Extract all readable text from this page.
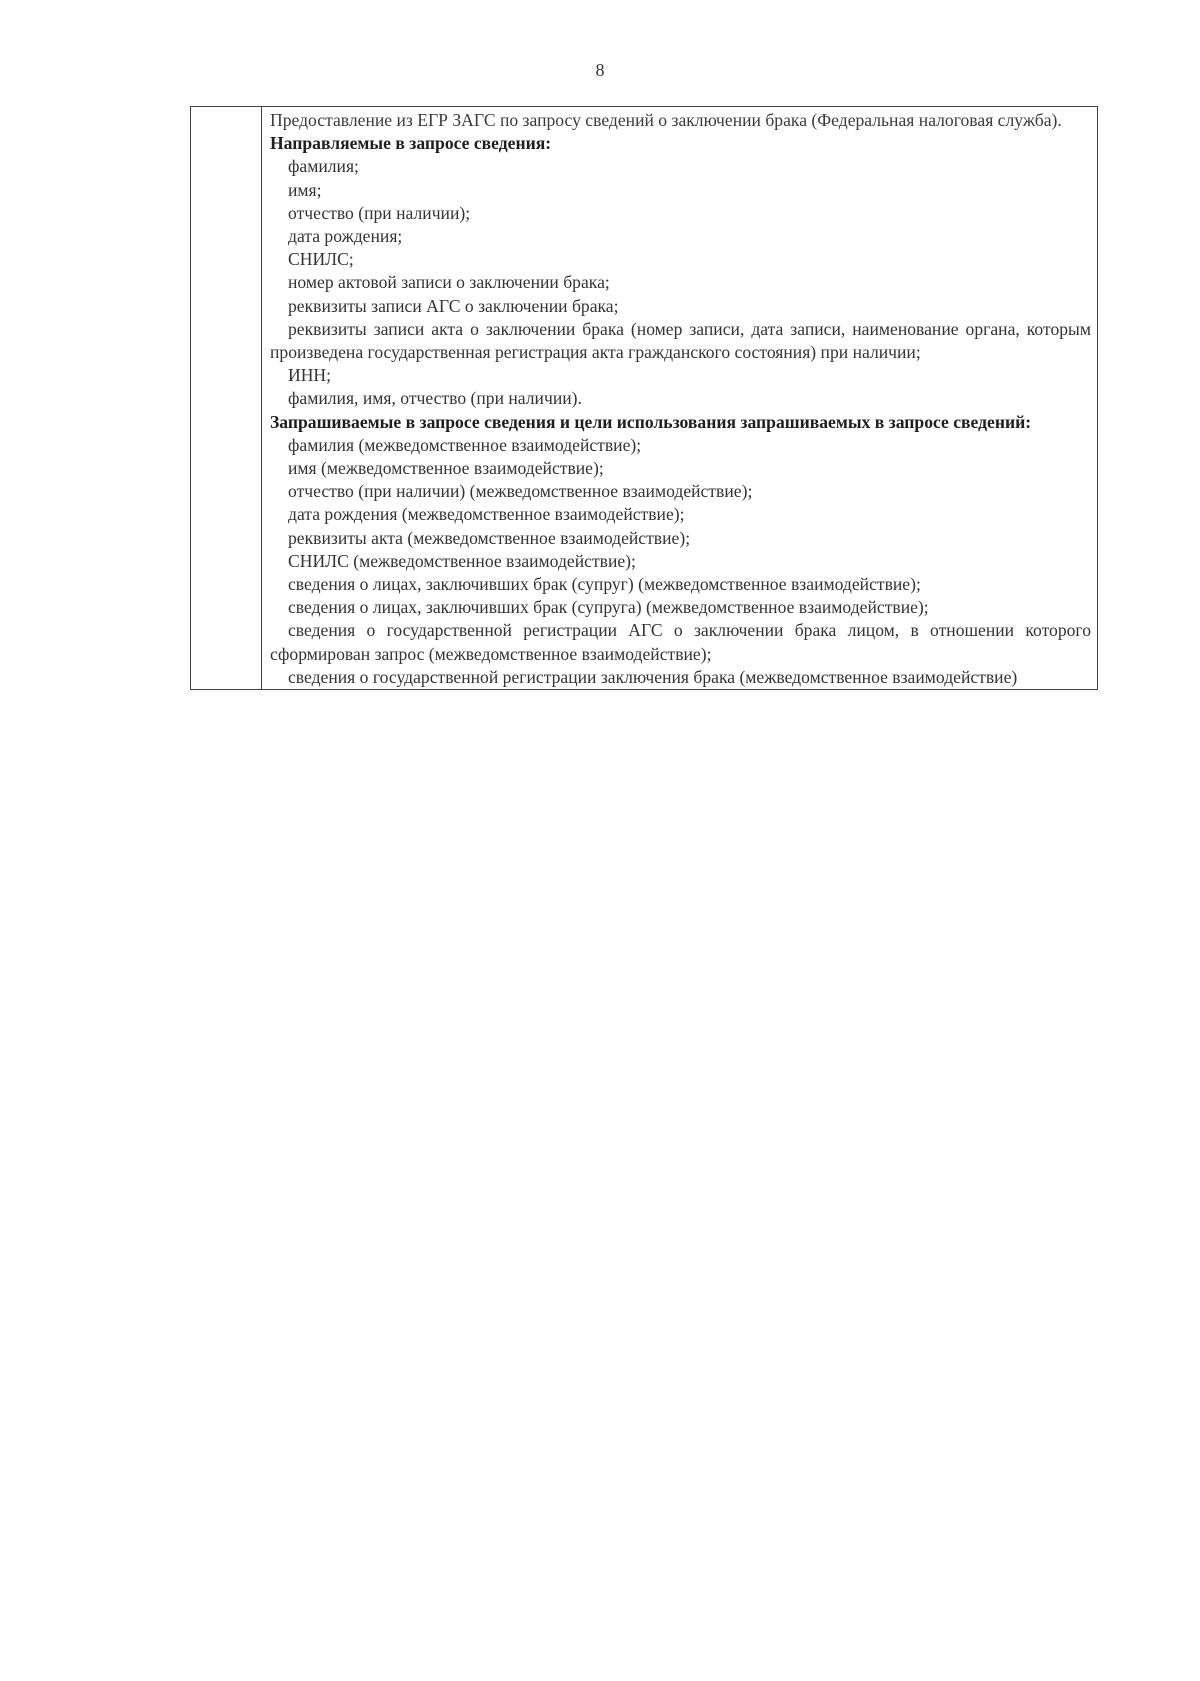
8

Предоставление из ЕГР ЗАГС по запросу сведений о заключении брака (Федеральная налоговая служба).

Направляемые в запросе сведения:

фамилия;

имя;

отчество (при наличии);

дата рождения;

СНИЛС;

номер актовой записи о заключении брака;

реквизиты записи АГС о заключении брака;

реквизиты записи акта о заключении брака (номер записи, дата записи, наименование органа, которым произведена государственная регистрация акта гражданского состояния) при наличии;

ИНН;

фамилия, имя, отчество (при наличии).

Запрашиваемые в запросе сведения и цели использования запрашиваемых в запросе сведений:

фамилия (межведомственное взаимодействие);

имя (межведомственное взаимодействие);

отчество (при наличии) (межведомственное взаимодействие);

дата рождения (межведомственное взаимодействие);

реквизиты акта (межведомственное взаимодействие);

СНИЛС (межведомственное взаимодействие);

сведения о лицах, заключивших брак (супруг) (межведомственное взаимодействие);

сведения о лицах, заключивших брак (супруга) (межведомственное взаимодействие);

сведения о государственной регистрации АГС о заключении брака лицом, в отношении которого сформирован запрос (межведомственное взаимодействие);

сведения о государственной регистрации заключения брака (межведомственное взаимодействие)
